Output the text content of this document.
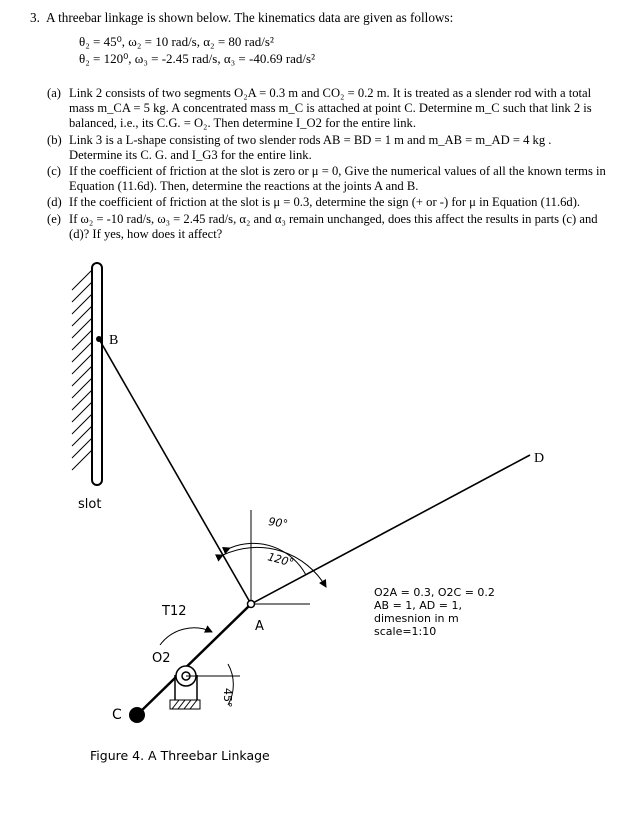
3. A threebar linkage is shown below. The kinematics data are given as follows:
θ₂ = 45⁰, ω₂ = 10 rad/s, α₂ = 80 rad/s²
θ₂ = 120⁰, ω₃ = -2.45 rad/s, α₃ = -40.69 rad/s²
(a) Link 2 consists of two segments O₂A = 0.3 m and CO₂ = 0.2 m. It is treated as a slender rod with a total mass m_CA = 5 kg. A concentrated mass m_C is attached at point C. Determine m_C such that link 2 is balanced, i.e., its C.G. = O₂. Then determine I_O2 for the entire link.
(b) Link 3 is a L-shape consisting of two slender rods AB = BD = 1 m and m_AB = m_AD = 4 kg . Determine its C. G. and I_G3 for the entire link.
(c) If the coefficient of friction at the slot is zero or μ = 0, Give the numerical values of all the known terms in Equation (11.6d). Then, determine the reactions at the joints A and B.
(d) If the coefficient of friction at the slot is μ = 0.3, determine the sign (+ or -) for μ in Equation (11.6d).
(e) If ω₂ = -10 rad/s, ω₃ = 2.45 rad/s, α₂ and α₃ remain unchanged, does this affect the results in parts (c) and (d)? If yes, how does it affect?
slot
B
D
90°
120°
A
O2
T12
45°
C
O2A = 0.3, O2C = 0.2
AB = 1, AD = 1,
dimesnion in m
scale=1:10
Figure 4. A Threebar Linkage
